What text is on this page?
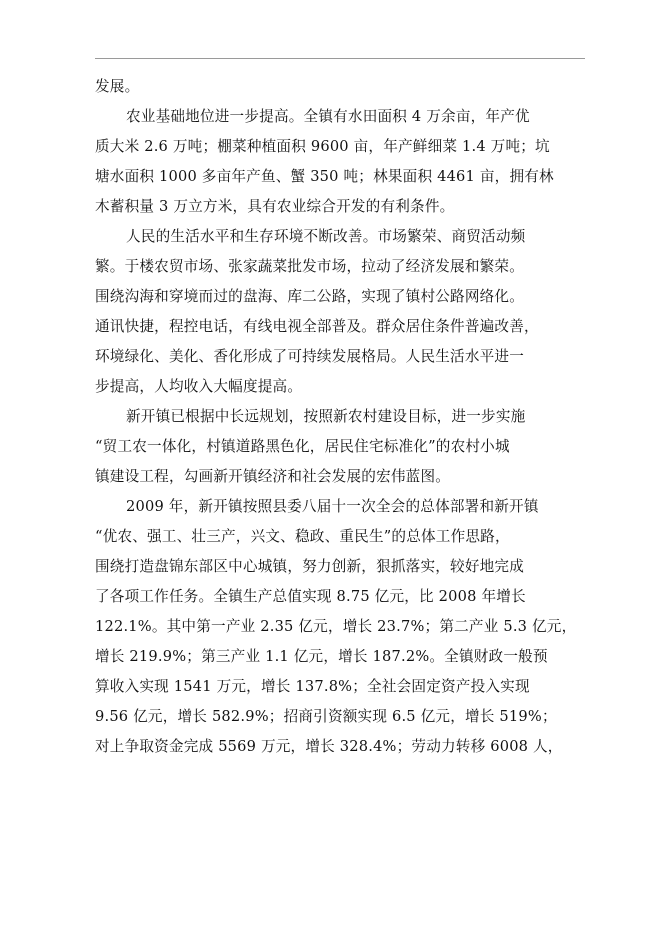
发展。
农业基础地位进一步提高。全镇有水田面积 4 万余亩，年产优
质大米 2.6 万吨；棚菜种植面积 9600 亩，年产鲜细菜 1.4 万吨；坑
塘水面积 1000 多亩年产鱼、蟹 350 吨；林果面积 4461 亩，拥有林
木蓄积量 3 万立方米，具有农业综合开发的有利条件。
人民的生活水平和生存环境不断改善。市场繁荣、商贸活动频
繁。于楼农贸市场、张家蔬菜批发市场，拉动了经济发展和繁荣。
围绕沟海和穿境而过的盘海、库二公路，实现了镇村公路网络化。
通讯快捷，程控电话，有线电视全部普及。群众居住条件普遍改善，
环境绿化、美化、香化形成了可持续发展格局。人民生活水平进一
步提高，人均收入大幅度提高。
新开镇已根据中长远规划，按照新农村建设目标，进一步实施
“贸工农一体化，村镇道路黑色化，居民住宅标准化”的农村小城
镇建设工程，勾画新开镇经济和社会发展的宏伟蓝图。
2009 年，新开镇按照县委八届十一次全会的总体部署和新开镇
“优农、强工、壮三产，兴文、稳政、重民生”的总体工作思路，
围绕打造盘锦东部区中心城镇，努力创新，狠抓落实，较好地完成
了各项工作任务。全镇生产总值实现 8.75 亿元，比 2008 年增长
122.1%。其中第一产业 2.35 亿元，增长 23.7%；第二产业 5.3 亿元，
增长 219.9%；第三产业 1.1 亿元，增长 187.2%。全镇财政一般预
算收入实现 1541 万元，增长 137.8%；全社会固定资产投入实现
9.56 亿元，增长 582.9%；招商引资额实现 6.5 亿元，增长 519%；
对上争取资金完成 5569 万元，增长 328.4%；劳动力转移 6008 人，
